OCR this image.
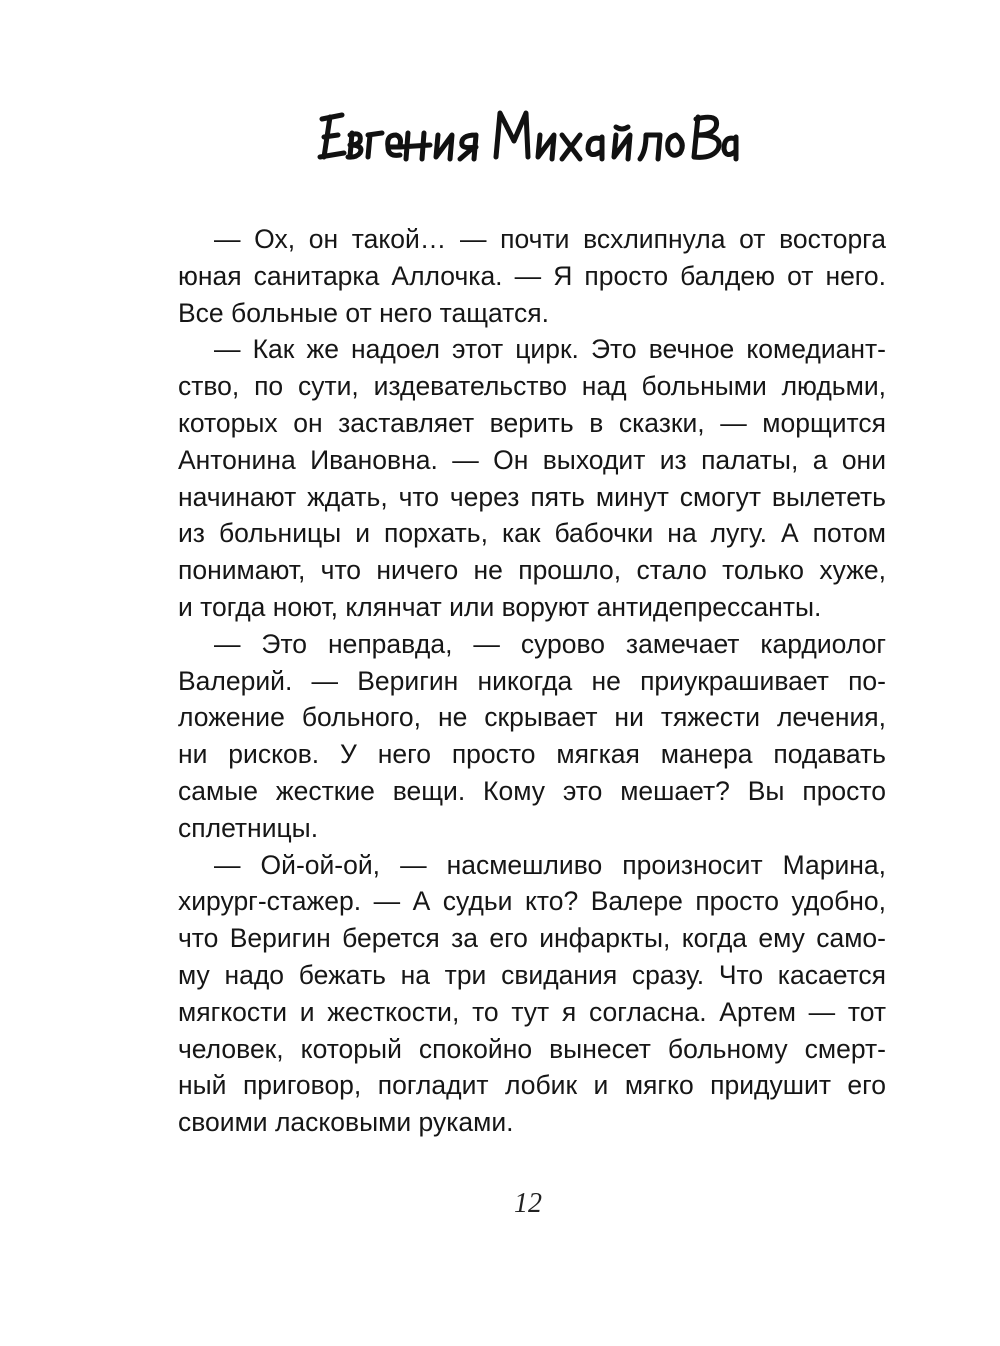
— Ох, он такой… — почти всхлипнула от восторга
юная санитарка Аллочка. — Я просто балдею от него.
Все больные от него тащатся.
— Как же надоел этот цирк. Это вечное комедиант-
ство, по сути, издевательство над больными людьми,
которых он заставляет верить в сказки, — морщится
Антонина Ивановна. — Он выходит из палаты, а они
начинают ждать, что через пять минут смогут вылететь
из больницы и порхать, как бабочки на лугу. А потом
понимают, что ничего не прошло, стало только хуже,
и тогда ноют, клянчат или воруют антидепрессанты.
— Это неправда, — сурово замечает кардиолог
Валерий. — Веригин никогда не приукрашивает по-
ложение больного, не скрывает ни тяжести лечения,
ни рисков. У него просто мягкая манера подавать
самые жесткие вещи. Кому это мешает? Вы просто
сплетницы.
— Ой-ой-ой, — насмешливо произносит Марина,
хирург-стажер. — А судьи кто? Валере просто удобно,
что Веригин берется за его инфаркты, когда ему само-
му надо бежать на три свидания сразу. Что касается
мягкости и жесткости, то тут я согласна. Артем — тот
человек, который спокойно вынесет больному смерт-
ный приговор, погладит лобик и мягко придушит его
своими ласковыми руками.
12
